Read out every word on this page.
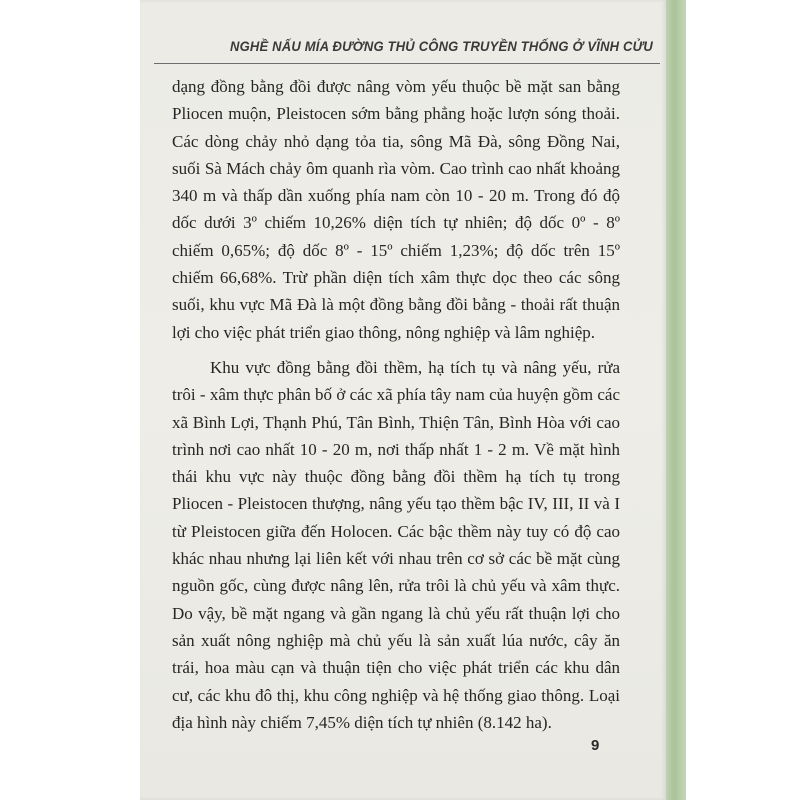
NGHỀ NẤU MÍA ĐƯỜNG THỦ CÔNG TRUYỀN THỐNG Ở VĨNH CỬU

dạng đồng bằng đồi được nâng vòm yếu thuộc bề mặt san bằng Pliocen muộn, Pleistocen sớm bằng phẳng hoặc lượn sóng thoải. Các dòng chảy nhỏ dạng tỏa tia, sông Mã Đà, sông Đồng Nai, suối Sà Mách chảy ôm quanh rìa vòm. Cao trình cao nhất khoảng 340 m và thấp dần xuống phía nam còn 10 - 20 m. Trong đó độ dốc dưới 3º chiếm 10,26% diện tích tự nhiên; độ dốc 0º - 8º chiếm 0,65%; độ dốc 8º - 15º chiếm 1,23%; độ dốc trên 15º chiếm 66,68%. Trừ phần diện tích xâm thực dọc theo các sông suối, khu vực Mã Đà là một đồng bằng đồi bằng - thoải rất thuận lợi cho việc phát triển giao thông, nông nghiệp và lâm nghiệp.

Khu vực đồng bằng đồi thềm, hạ tích tụ và nâng yếu, rửa trôi - xâm thực phân bố ở các xã phía tây nam của huyện gồm các xã Bình Lợi, Thạnh Phú, Tân Bình, Thiện Tân, Bình Hòa với cao trình nơi cao nhất 10 - 20 m, nơi thấp nhất 1 - 2 m. Về mặt hình thái khu vực này thuộc đồng bằng đồi thềm hạ tích tụ trong Pliocen - Pleistocen thượng, nâng yếu tạo thềm bậc IV, III, II và I từ Pleistocen giữa đến Holocen. Các bậc thềm này tuy có độ cao khác nhau nhưng lại liên kết với nhau trên cơ sở các bề mặt cùng nguồn gốc, cùng được nâng lên, rửa trôi là chủ yếu và xâm thực. Do vậy, bề mặt ngang và gần ngang là chủ yếu rất thuận lợi cho sản xuất nông nghiệp mà chủ yếu là sản xuất lúa nước, cây ăn trái, hoa màu cạn và thuận tiện cho việc phát triển các khu dân cư, các khu đô thị, khu công nghiệp và hệ thống giao thông. Loại địa hình này chiếm 7,45% diện tích tự nhiên (8.142 ha).

9
